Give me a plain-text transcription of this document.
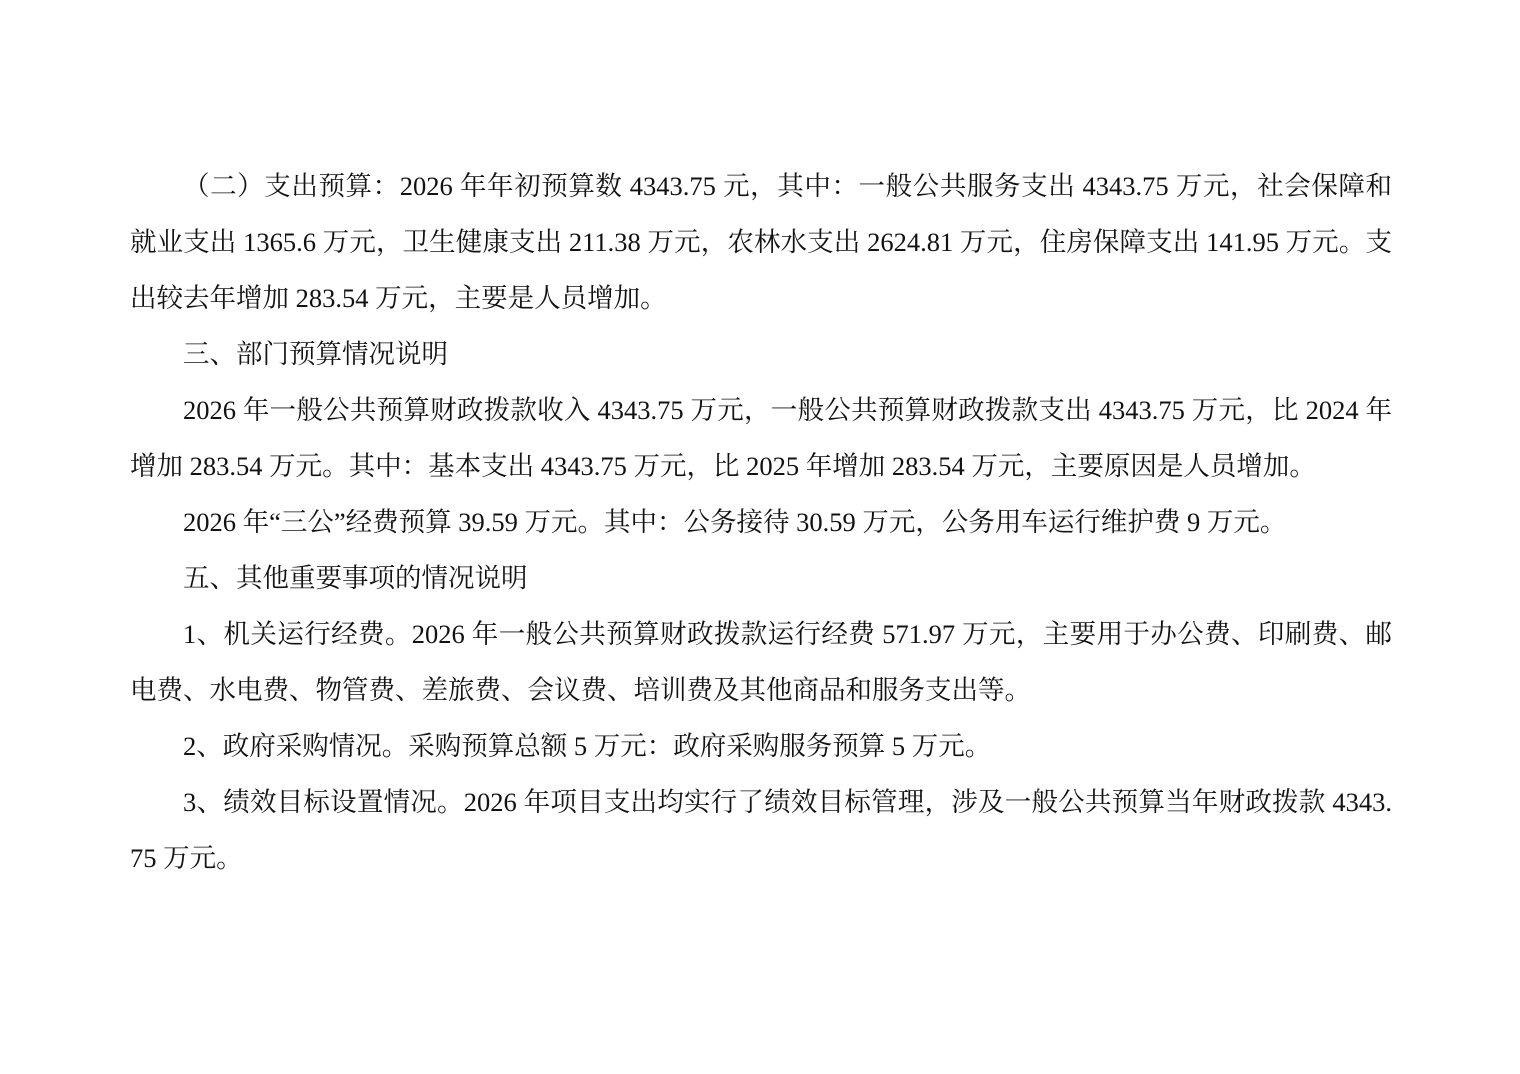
（二）支出预算：2026 年年初预算数 4343.75 元，其中：一般公共服务支出 4343.75 万元，社会保障和就业支出 1365.6 万元，卫生健康支出 211.38 万元，农林水支出 2624.81 万元，住房保障支出 141.95 万元。支出较去年增加 283.54 万元，主要是人员增加。

三、部门预算情况说明

2026 年一般公共预算财政拨款收入 4343.75 万元，一般公共预算财政拨款支出 4343.75 万元，比 2024 年增加 283.54 万元。其中：基本支出 4343.75 万元，比 2025 年增加 283.54 万元，主要原因是人员增加。

2026 年“三公”经费预算 39.59 万元。其中：公务接待 30.59 万元，公务用车运行维护费 9 万元。

五、其他重要事项的情况说明

1、机关运行经费。2026 年一般公共预算财政拨款运行经费 571.97 万元，主要用于办公费、印刷费、邮电费、水电费、物管费、差旅费、会议费、培训费及其他商品和服务支出等。

2、政府采购情况。采购预算总额 5 万元：政府采购服务预算 5 万元。

3、绩效目标设置情况。2026 年项目支出均实行了绩效目标管理，涉及一般公共预算当年财政拨款 4343.75 万元。
